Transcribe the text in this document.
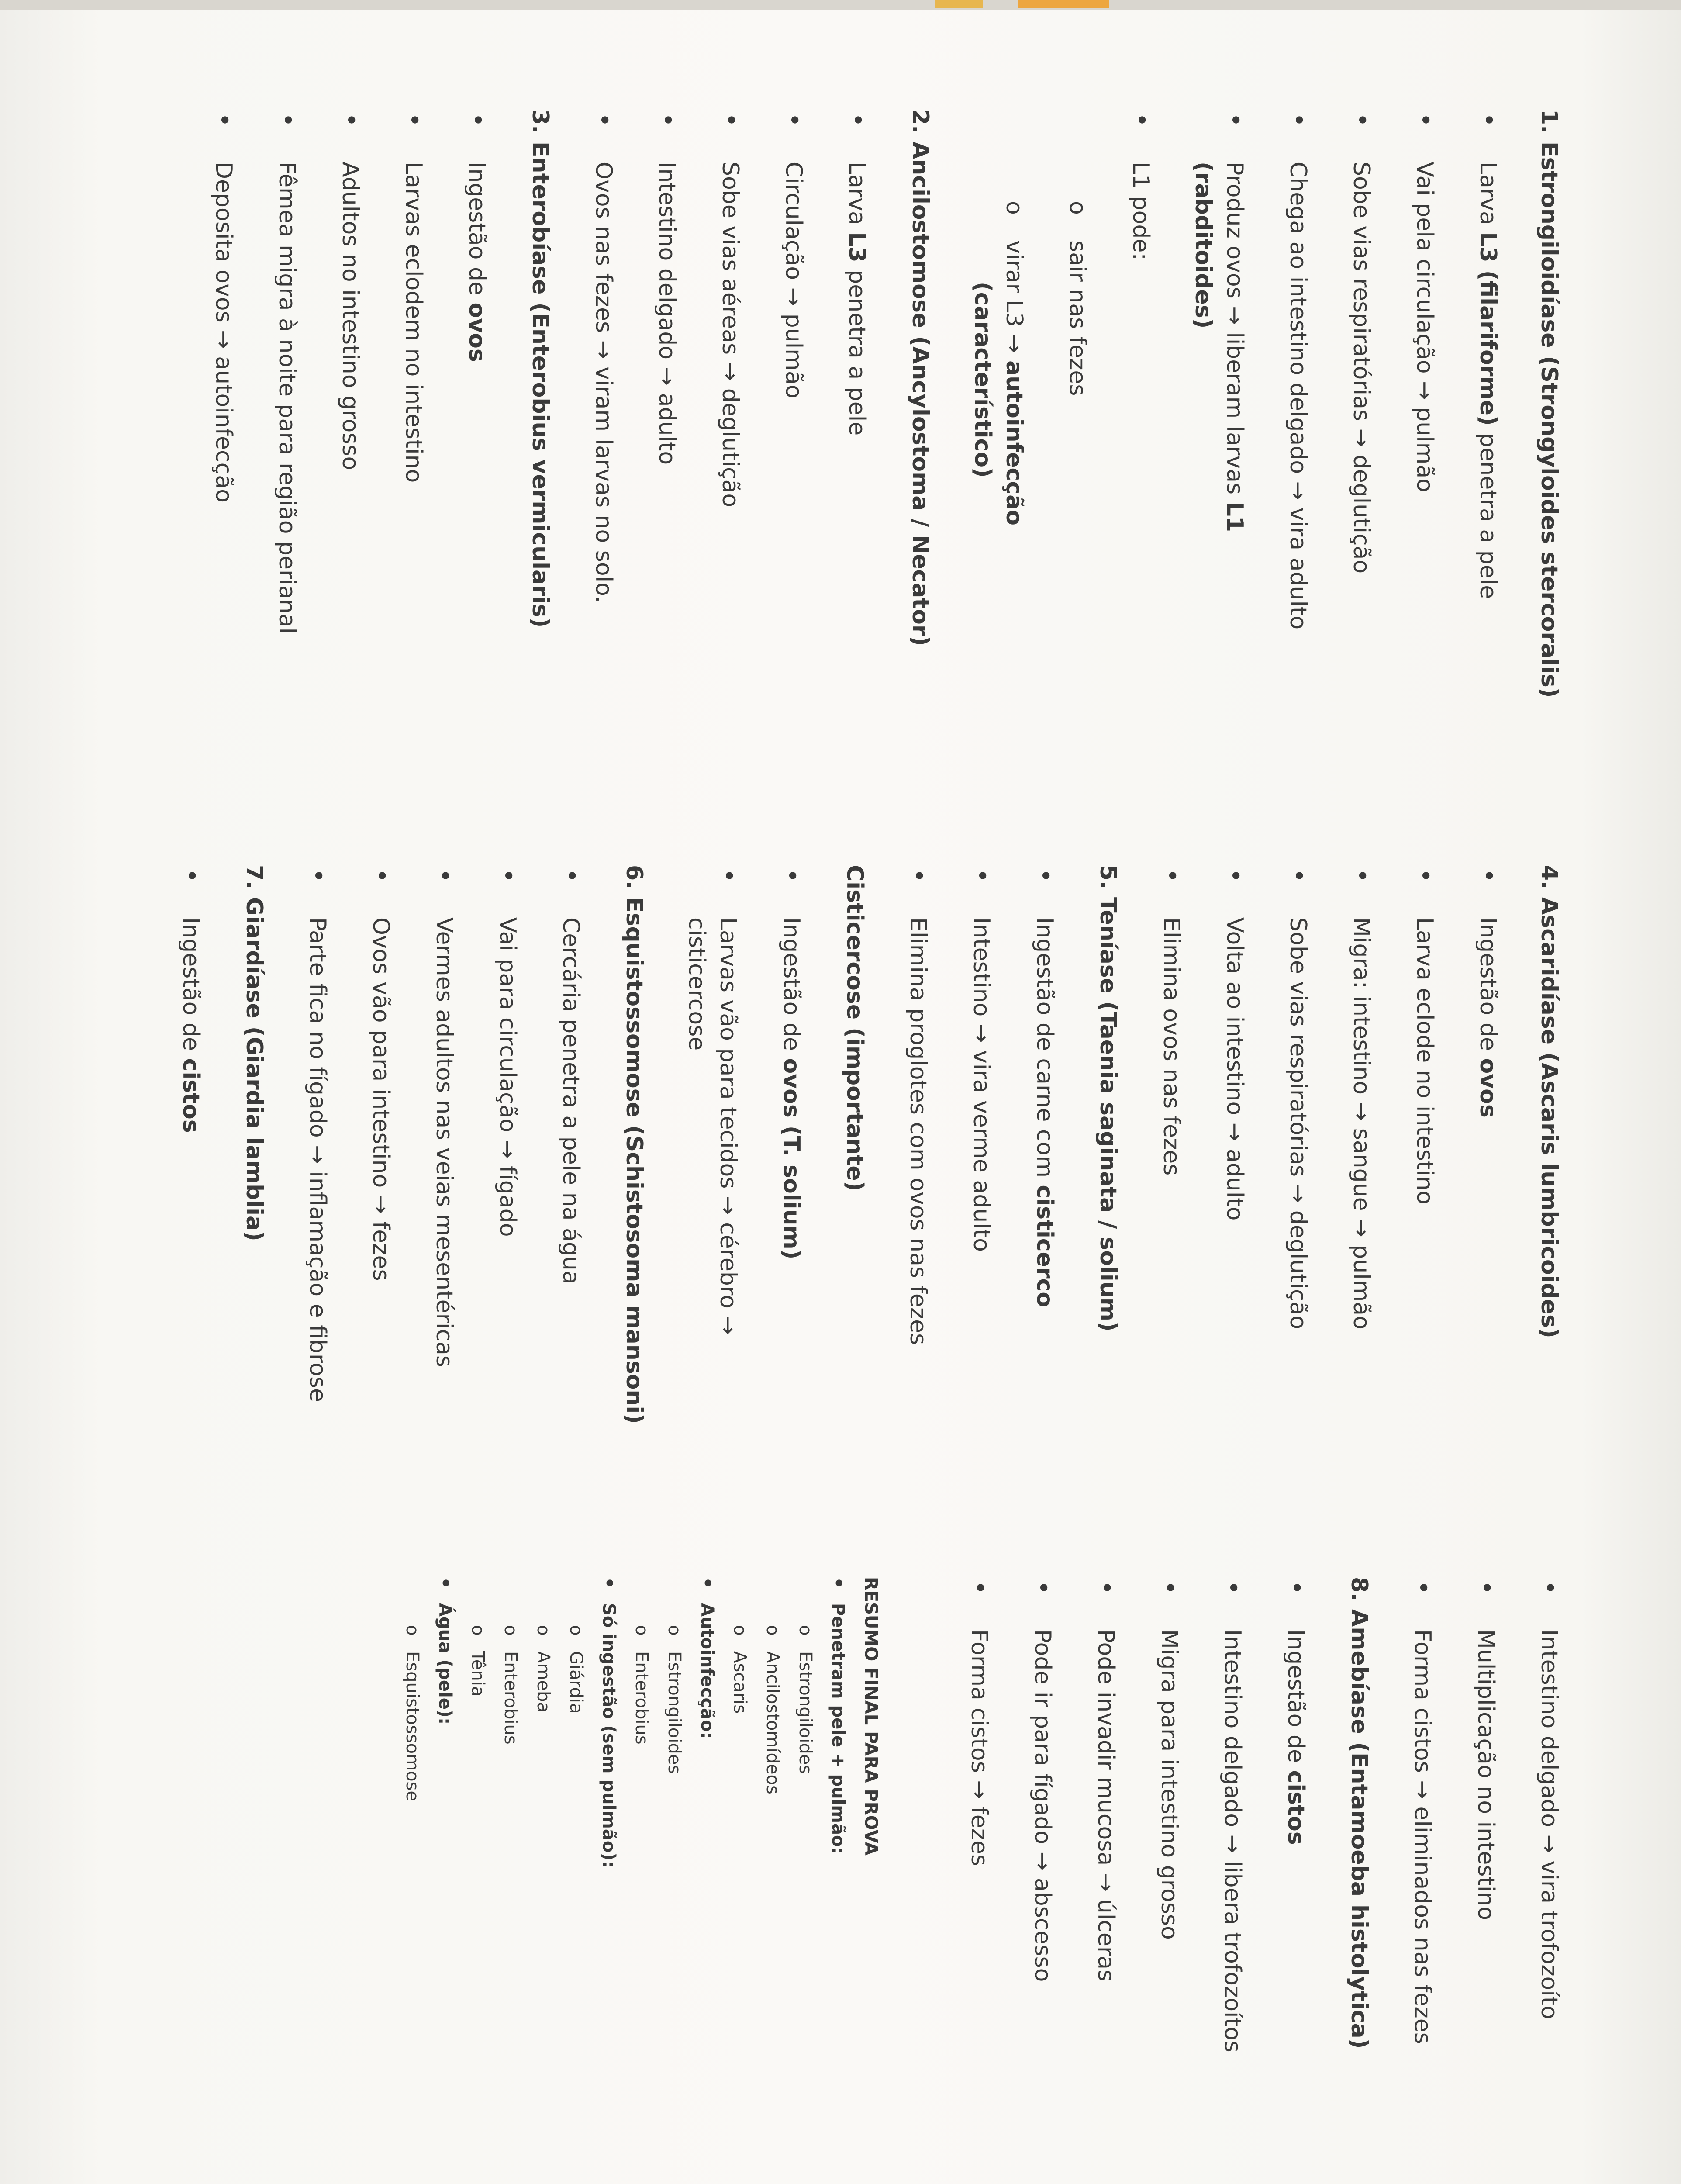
1. Estrongiloidíase (Strongyloides stercoralis)
• Larva L3 (filariforme) penetra a pele
• Vai pela circulação → pulmão
• Sobe vias respiratórias → deglutição
• Chega ao intestino delgado → vira adulto
• Produz ovos → liberam larvas L1
(rabditoides)
• L1 pode:
o sair nas fezes
o virar L3 → autoinfecção
(característico)
2. Ancilostomose (Ancylostoma / Necator)
• Larva L3 penetra a pele
• Circulação → pulmão
• Sobe vias aéreas → deglutição
• Intestino delgado → adulto
• Ovos nas fezes → viram larvas no solo.
3. Enterobíase (Enterobius vermicularis)
• Ingestão de ovos
• Larvas eclodem no intestino
• Adultos no intestino grosso
• Fêmea migra à noite para região perianal
• Deposita ovos → autoinfecção
4. Ascaridíase (Ascaris lumbricoides)
• Ingestão de ovos
• Larva eclode no intestino
• Migra: intestino → sangue → pulmão
• Sobe vias respiratórias → deglutição
• Volta ao intestino → adulto
• Elimina ovos nas fezes
5. Teníase (Taenia saginata / solium)
• Ingestão de carne com cisticerco
• Intestino → vira verme adulto
• Elimina proglotes com ovos nas fezes
Cisticercose (importante)
• Ingestão de ovos (T. solium)
• Larvas vão para tecidos → cérebro →
cisticercose
6. Esquistossomose (Schistosoma mansoni)
• Cercária penetra a pele na água
• Vai para circulação → fígado
• Vermes adultos nas veias mesentéricas
• Ovos vão para intestino → fezes
• Parte fica no fígado → inflamação e fibrose
7. Giardíase (Giardia lamblia)
• Ingestão de cistos
• Intestino delgado → vira trofozoíto
• Multiplicação no intestino
• Forma cistos → eliminados nas fezes
8. Amebíase (Entamoeba histolytica)
• Ingestão de cistos
• Intestino delgado → libera trofozoítos
• Migra para intestino grosso
• Pode invadir mucosa → úlceras
• Pode ir para fígado → abscesso
• Forma cistos → fezes
RESUMO FINAL PARA PROVA
• Penetram pele + pulmão:
o Estrongiloides
o Ancilostomídeos
o Ascaris
• Autoinfecção:
o Estrongiloides
o Enterobius
• Só ingestão (sem pulmão):
o Giárdia
o Ameba
o Enterobius
o Tênia
• Água (pele):
o Esquistossomose
